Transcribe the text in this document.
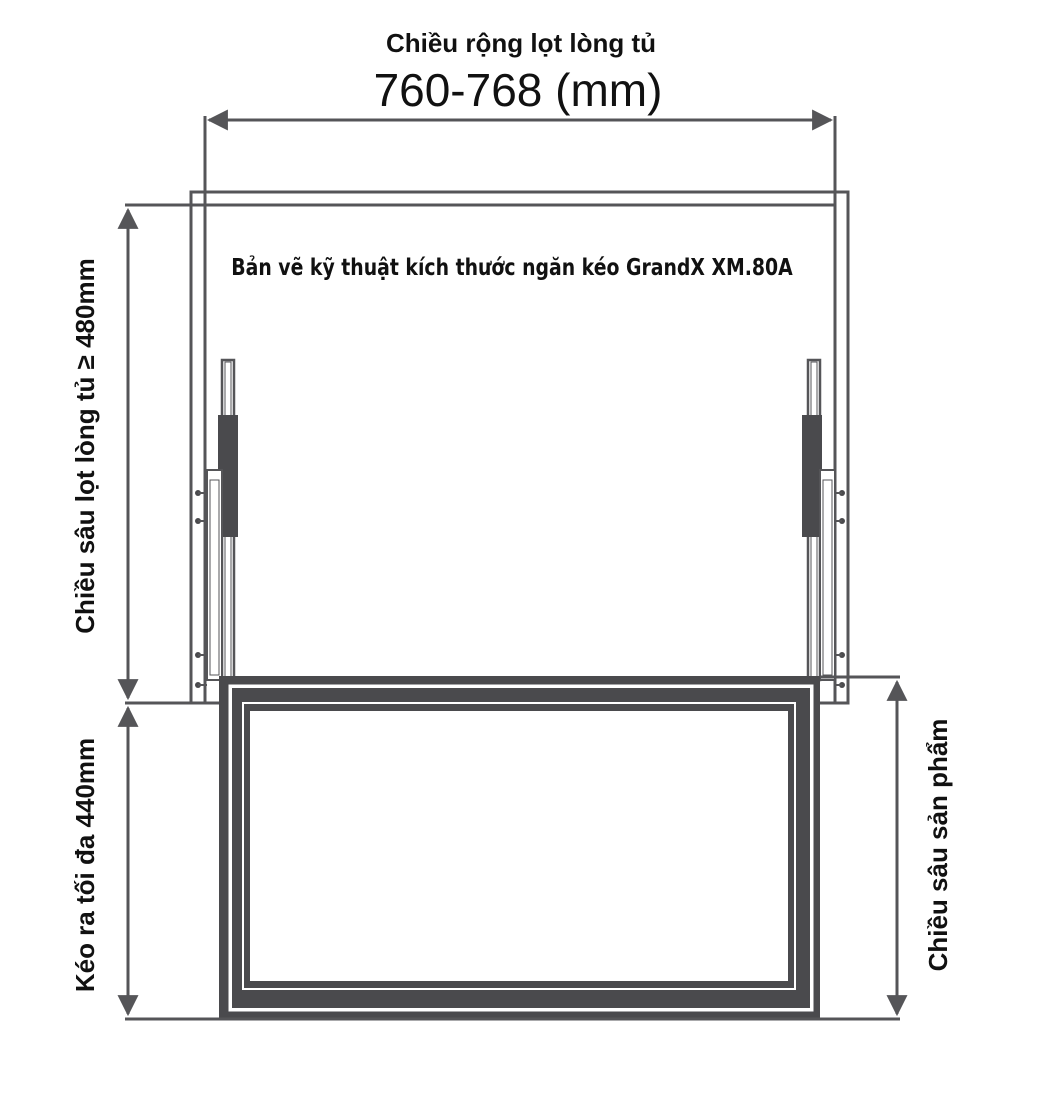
Chiều rộng lọt lòng tủ
760-768 (mm)
Bản vẽ kỹ thuật kích thước ngăn kéo GrandX XM.80A
Chiều sâu lọt lòng tủ ≥ 480mm
Kéo ra tối đa 440mm	Chiều sâu sản phẩm
